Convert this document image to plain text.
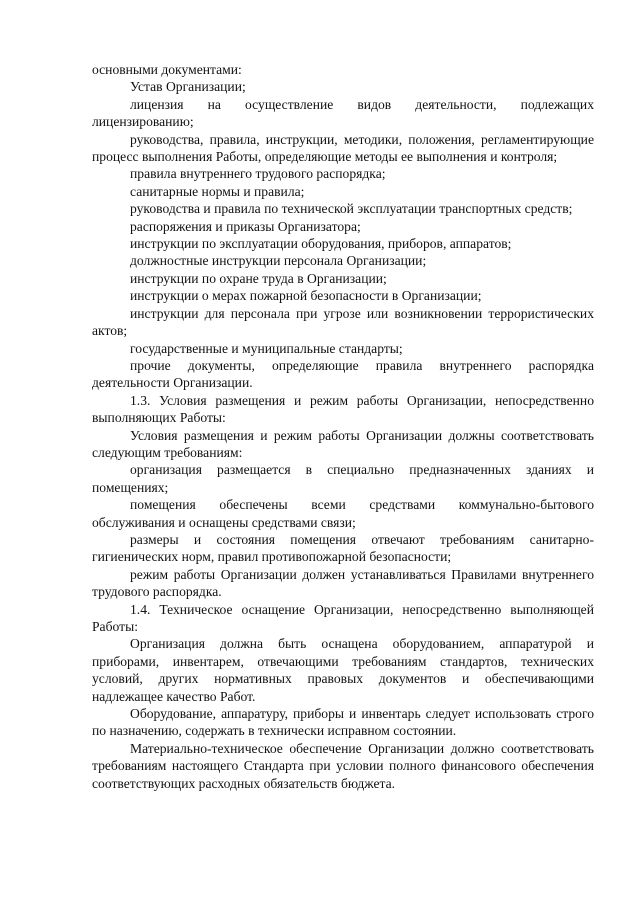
основными документами:

Устав Организации;

лицензия на осуществление видов деятельности, подлежащих лицензированию;

руководства, правила, инструкции, методики, положения, регламентирующие процесс выполнения Работы, определяющие методы ее выполнения и контроля;

правила внутреннего трудового распорядка;

санитарные нормы и правила;

руководства и правила по технической эксплуатации транспортных средств;

распоряжения и приказы Организатора;

инструкции по эксплуатации оборудования, приборов, аппаратов;

должностные инструкции персонала Организации;

инструкции по охране труда в Организации;

инструкции о мерах пожарной безопасности в Организации;

инструкции для персонала при угрозе или возникновении террористических актов;

государственные и муниципальные стандарты;

прочие документы, определяющие правила внутреннего распорядка деятельности Организации.

1.3. Условия размещения и режим работы Организации, непосредственно выполняющих Работы:

Условия размещения и режим работы Организации должны соответствовать следующим требованиям:

организация размещается в специально предназначенных зданиях и помещениях;

помещения обеспечены всеми средствами коммунально-бытового обслуживания и оснащены средствами связи;

размеры и состояния помещения отвечают требованиям санитарно-гигиенических норм, правил противопожарной безопасности;

режим работы Организации должен устанавливаться Правилами внутреннего трудового распорядка.

1.4. Техническое оснащение Организации, непосредственно выполняющей Работы:

Организация должна быть оснащена оборудованием, аппаратурой и приборами, инвентарем, отвечающими требованиям стандартов, технических условий, других нормативных правовых документов и обеспечивающими надлежащее качество Работ.

Оборудование, аппаратуру, приборы и инвентарь следует использовать строго по назначению, содержать в технически исправном состоянии.

Материально-техническое обеспечение Организации должно соответствовать требованиям настоящего Стандарта при условии полного финансового обеспечения соответствующих расходных обязательств бюджета.
